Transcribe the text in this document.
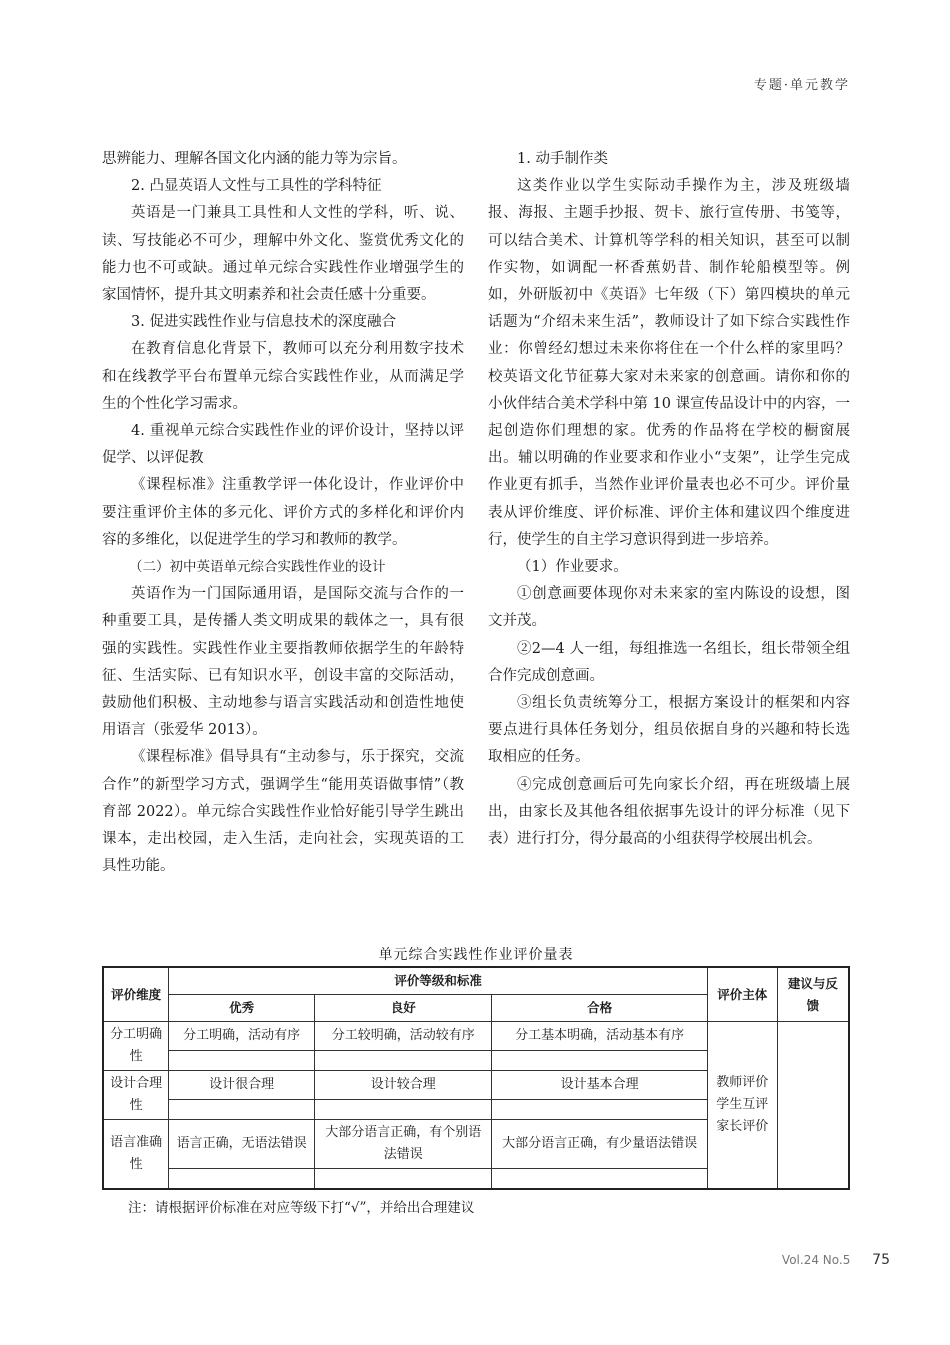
专题·单元教学

思辨能力、理解各国文化内涵的能力等为宗旨。

2. 凸显英语人文性与工具性的学科特征

英语是一门兼具工具性和人文性的学科，听、说、读、写技能必不可少，理解中外文化、鉴赏优秀文化的能力也不可或缺。通过单元综合实践性作业增强学生的家国情怀，提升其文明素养和社会责任感十分重要。

3. 促进实践性作业与信息技术的深度融合

在教育信息化背景下，教师可以充分利用数字技术和在线教学平台布置单元综合实践性作业，从而满足学生的个性化学习需求。

4. 重视单元综合实践性作业的评价设计，坚持以评促学、以评促教

《课程标准》注重教学评一体化设计，作业评价中要注重评价主体的多元化、评价方式的多样化和评价内容的多维化，以促进学生的学习和教师的教学。

（二）初中英语单元综合实践性作业的设计

英语作为一门国际通用语，是国际交流与合作的一种重要工具，是传播人类文明成果的载体之一，具有很强的实践性。实践性作业主要指教师依据学生的年龄特征、生活实际、已有知识水平，创设丰富的交际活动，鼓励他们积极、主动地参与语言实践活动和创造性地使用语言（张爱华 2013）。

《课程标准》倡导具有“主动参与，乐于探究，交流合作”的新型学习方式，强调学生“能用英语做事情”（教育部 2022）。单元综合实践性作业恰好能引导学生跳出课本，走出校园，走入生活，走向社会，实现英语的工具性功能。

1. 动手制作类

这类作业以学生实际动手操作为主，涉及班级墙报、海报、主题手抄报、贺卡、旅行宣传册、书笺等，可以结合美术、计算机等学科的相关知识，甚至可以制作实物，如调配一杯香蕉奶昔、制作轮船模型等。例如，外研版初中《英语》七年级（下）第四模块的单元话题为“介绍未来生活”，教师设计了如下综合实践性作业：你曾经幻想过未来你将住在一个什么样的家里吗？校英语文化节征募大家对未来家的创意画。请你和你的小伙伴结合美术学科中第 10 课宣传品设计中的内容，一起创造你们理想的家。优秀的作品将在学校的橱窗展出。辅以明确的作业要求和作业小“支架”，让学生完成作业更有抓手，当然作业评价量表也必不可少。评价量表从评价维度、评价标准、评价主体和建议四个维度进行，使学生的自主学习意识得到进一步培养。

（1）作业要求。

①创意画要体现你对未来家的室内陈设的设想，图文并茂。

②2—4 人一组，每组推选一名组长，组长带领全组合作完成创意画。

③组长负责统筹分工，根据方案设计的框架和内容要点进行具体任务划分，组员依据自身的兴趣和特长选取相应的任务。

④完成创意画后可先向家长介绍，再在班级墙上展出，由家长及其他各组依据事先设计的评分标准（见下表）进行打分，得分最高的小组获得学校展出机会。

单元综合实践性作业评价量表
评价维度	评价等级和标准			评价主体	建议与反馈
	优秀	良好	合格		
分工明确性	分工明确，活动有序	分工较明确，活动较有序	分工基本明确，活动基本有序	教师评价学生互评家长评价	

设计合理性	设计很合理	设计较合理	设计基本合理		

语言准确性	语言正确，无语法错误	大部分语言正确，有个别语法错误	大部分语言正确，有少量语法错误		

注：请根据评价标准在对应等级下打“√”，并给出合理建议
Vol.24 No.5 75
